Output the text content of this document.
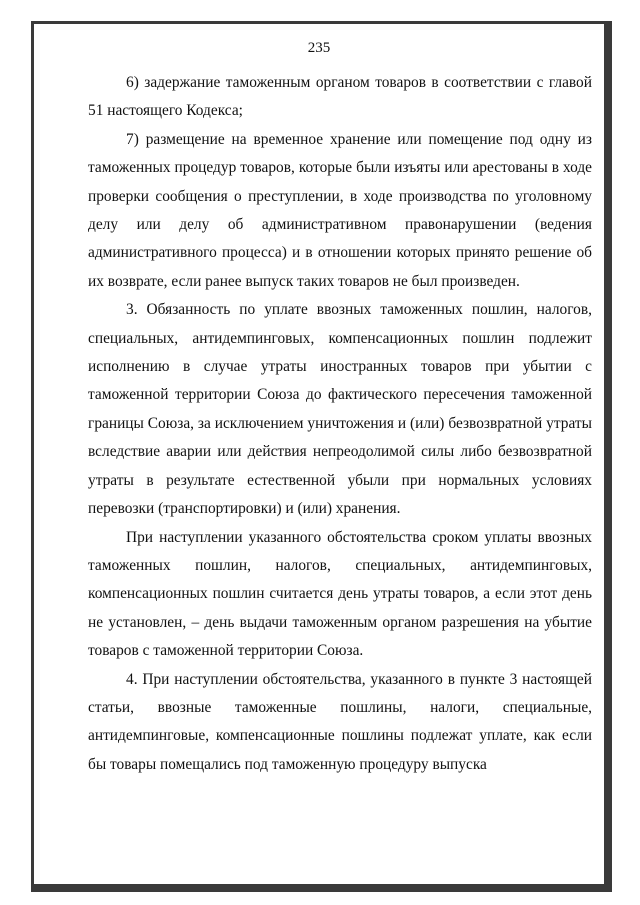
235

6) задержание таможенным органом товаров в соответствии с главой 51 настоящего Кодекса;

7) размещение на временное хранение или помещение под одну из таможенных процедур товаров, которые были изъяты или арестованы в ходе проверки сообщения о преступлении, в ходе производства по уголовному делу или делу об административном правонарушении (ведения административного процесса) и в отношении которых принято решение об их возврате, если ранее выпуск таких товаров не был произведен.

3. Обязанность по уплате ввозных таможенных пошлин, налогов, специальных, антидемпинговых, компенсационных пошлин подлежит исполнению в случае утраты иностранных товаров при убытии с таможенной территории Союза до фактического пересечения таможенной границы Союза, за исключением уничтожения и (или) безвозвратной утраты вследствие аварии или действия непреодолимой силы либо безвозвратной утраты в результате естественной убыли при нормальных условиях перевозки (транспортировки) и (или) хранения.

При наступлении указанного обстоятельства сроком уплаты ввозных таможенных пошлин, налогов, специальных, антидемпинговых, компенсационных пошлин считается день утраты товаров, а если этот день не установлен, – день выдачи таможенным органом разрешения на убытие товаров с таможенной территории Союза.

4. При наступлении обстоятельства, указанного в пункте 3 настоящей статьи, ввозные таможенные пошлины, налоги, специальные, антидемпинговые, компенсационные пошлины подлежат уплате, как если бы товары помещались под таможенную процедуру выпуска
